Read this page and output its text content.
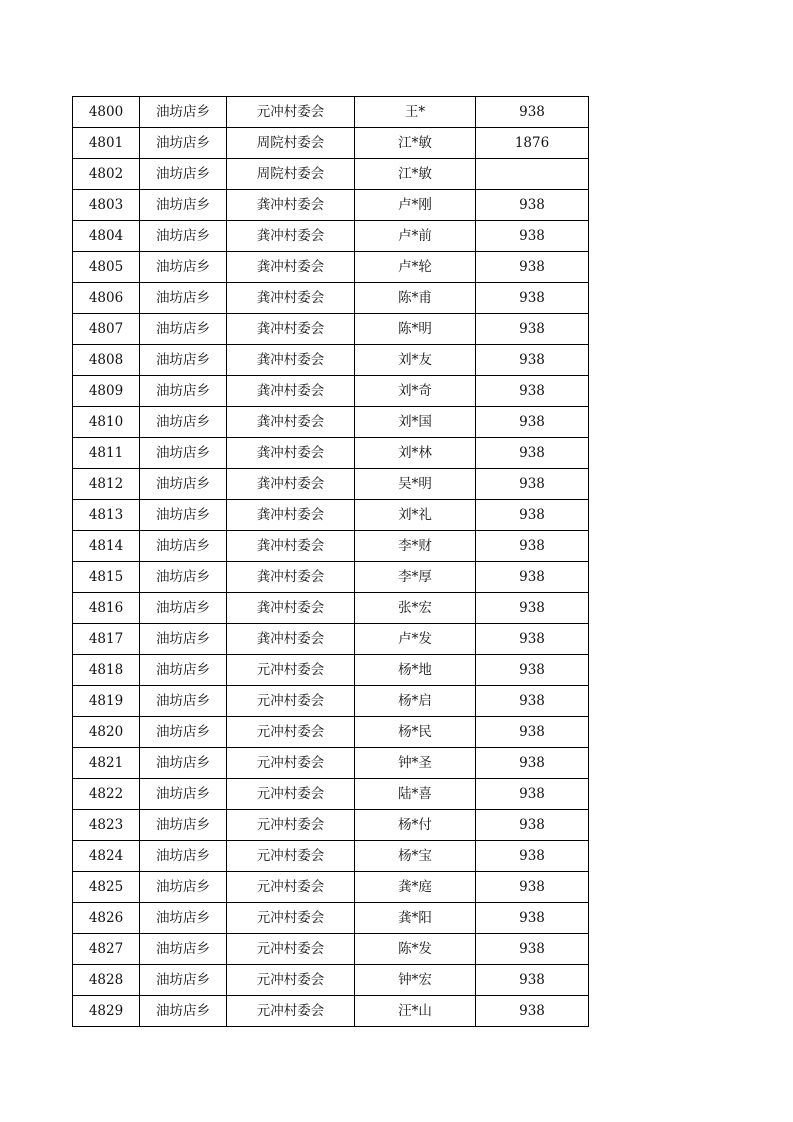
4800	油坊店乡	元冲村委会	王*	938
4801	油坊店乡	周院村委会	江*敏	1876
4802	油坊店乡	周院村委会	江*敏	
4803	油坊店乡	龚冲村委会	卢*刚	938
4804	油坊店乡	龚冲村委会	卢*前	938
4805	油坊店乡	龚冲村委会	卢*轮	938
4806	油坊店乡	龚冲村委会	陈*甫	938
4807	油坊店乡	龚冲村委会	陈*明	938
4808	油坊店乡	龚冲村委会	刘*友	938
4809	油坊店乡	龚冲村委会	刘*奇	938
4810	油坊店乡	龚冲村委会	刘*国	938
4811	油坊店乡	龚冲村委会	刘*林	938
4812	油坊店乡	龚冲村委会	吴*明	938
4813	油坊店乡	龚冲村委会	刘*礼	938
4814	油坊店乡	龚冲村委会	李*财	938
4815	油坊店乡	龚冲村委会	李*厚	938
4816	油坊店乡	龚冲村委会	张*宏	938
4817	油坊店乡	龚冲村委会	卢*发	938
4818	油坊店乡	元冲村委会	杨*地	938
4819	油坊店乡	元冲村委会	杨*启	938
4820	油坊店乡	元冲村委会	杨*民	938
4821	油坊店乡	元冲村委会	钟*圣	938
4822	油坊店乡	元冲村委会	陆*喜	938
4823	油坊店乡	元冲村委会	杨*付	938
4824	油坊店乡	元冲村委会	杨*宝	938
4825	油坊店乡	元冲村委会	龚*庭	938
4826	油坊店乡	元冲村委会	龚*阳	938
4827	油坊店乡	元冲村委会	陈*发	938
4828	油坊店乡	元冲村委会	钟*宏	938
4829	油坊店乡	元冲村委会	汪*山	938
